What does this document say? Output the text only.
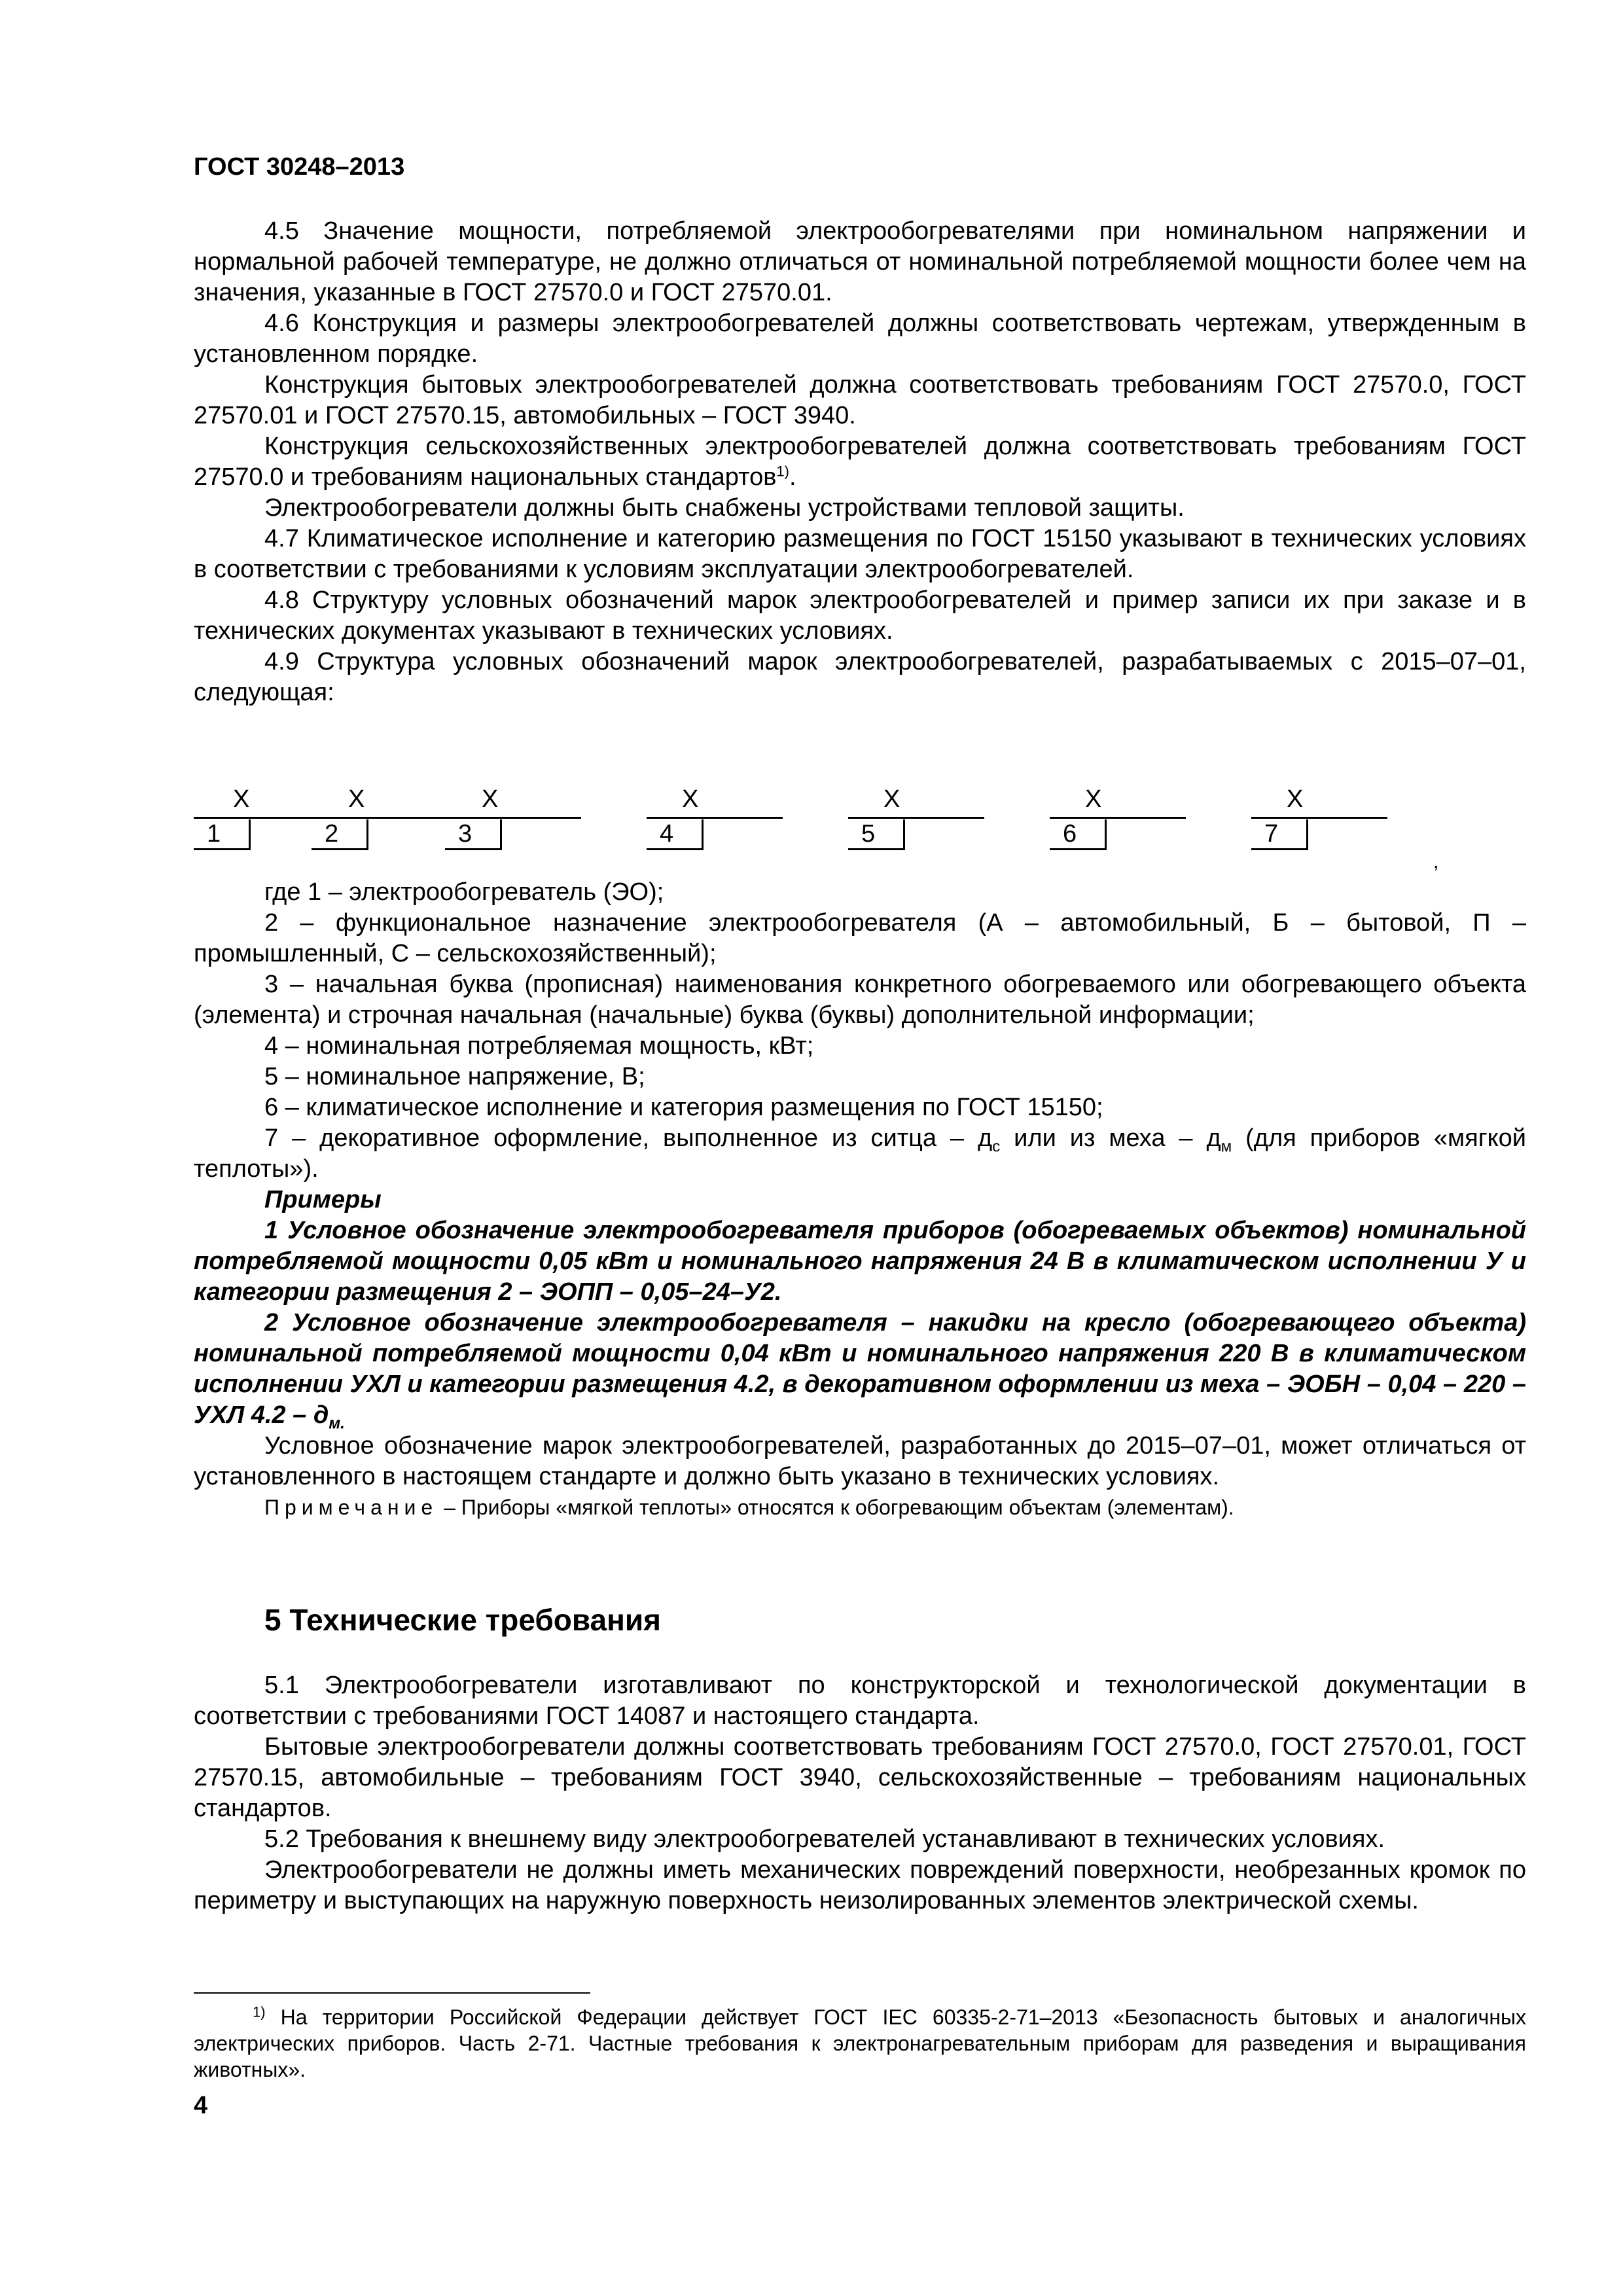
ГОСТ 30248–2013

4.5 Значение мощности, потребляемой электрообогревателями при номинальном напряжении и нормальной рабочей температуре, не должно отличаться от номинальной потребляемой мощности более чем на значения, указанные в ГОСТ 27570.0 и ГОСТ 27570.01.

4.6 Конструкция и размеры электрообогревателей должны соответствовать чертежам, утвержденным в установленном порядке.

Конструкция бытовых электрообогревателей должна соответствовать требованиям ГОСТ 27570.0, ГОСТ 27570.01 и ГОСТ 27570.15, автомобильных – ГОСТ 3940.

Конструкция сельскохозяйственных электрообогревателей должна соответствовать требованиям ГОСТ 27570.0 и требованиям национальных стандартов$^{1)}$.

Электрообогреватели должны быть снабжены устройствами тепловой защиты.

4.7 Климатическое исполнение и категорию размещения по ГОСТ 15150 указывают в технических условиях в соответствии с требованиями к условиям эксплуатации электрообогревателей.

4.8 Структуру условных обозначений марок электрообогревателей и пример записи их при заказе и в технических документах указывают в технических условиях.

4.9 Структура условных обозначений марок электрообогревателей, разрабатываемых с 2015–07–01, следующая:

X	X	X	X	X	X	X
1	2	3	4	5	6	7
,

где 1 – электрообогреватель (ЭО);

2 – функциональное назначение электрообогревателя (А – автомобильный, Б – бытовой, П – промышленный, С – сельскохозяйственный);

3 – начальная буква (прописная) наименования конкретного обогреваемого или обогревающего объекта (элемента) и строчная начальная (начальные) буква (буквы) дополнительной информации;

4 – номинальная потребляемая мощность, кВт;

5 – номинальное напряжение, В;

6 – климатическое исполнение и категория размещения по ГОСТ 15150;

7 – декоративное оформление, выполненное из ситца – $д_с$ или из меха – $д_м$ (для приборов «мягкой теплоты»).

Примеры

1 Условное обозначение электрообогревателя приборов (обогреваемых объектов) номинальной потребляемой мощности 0,05 кВт и номинального напряжения 24 В в климатическом исполнении У и категории размещения 2 – ЭОПП – 0,05–24–У2.

2 Условное обозначение электрообогревателя – накидки на кресло (обогревающего объекта) номинальной потребляемой мощности 0,04 кВт и номинального напряжения 220 В в климатическом исполнении УХЛ и категории размещения 4.2, в декоративном оформлении из меха – ЭОБН – 0,04 – 220 – УХЛ $4.2 - д_{м.}$

Условное обозначение марок электрообогревателей, разработанных до 2015–07–01, может отличаться от установленного в настоящем стандарте и должно быть указано в технических условиях.

Примечание – Приборы «мягкой теплоты» относятся к обогревающим объектам (элементам).

5 Технические требования

5.1 Электрообогреватели изготавливают по конструкторской и технологической документации в соответствии с требованиями ГОСТ 14087 и настоящего стандарта.

Бытовые электрообогреватели должны соответствовать требованиям ГОСТ 27570.0, ГОСТ 27570.01, ГОСТ 27570.15, автомобильные – требованиям ГОСТ 3940, сельскохозяйственные – требованиям национальных стандартов.

5.2 Требования к внешнему виду электрообогревателей устанавливают в технических условиях.

Электрообогреватели не должны иметь механических повреждений поверхности, необрезанных кромок по периметру и выступающих на наружную поверхность неизолированных элементов электрической схемы.

$^{1)}$ На территории Российской Федерации действует ГОСТ IEC 60335-2-71–2013 «Безопасность бытовых и аналогичных электрических приборов. Часть 2-71. Частные требования к электронагревательным приборам для разведения и выращивания животных».

4
